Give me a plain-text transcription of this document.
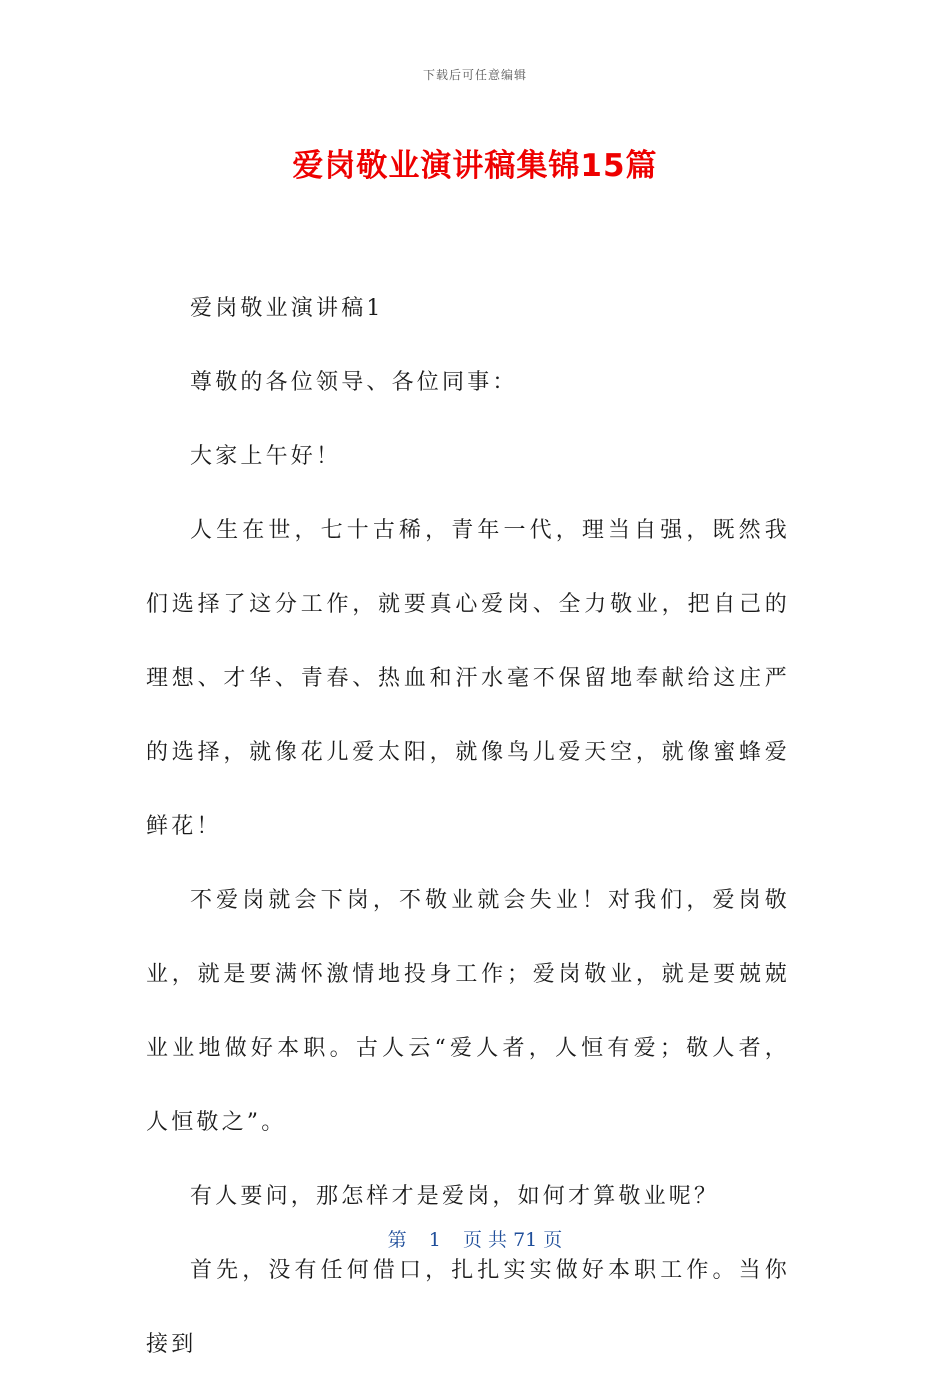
下载后可任意编辑
爱岗敬业演讲稿集锦15篇

爱岗敬业演讲稿1

尊敬的各位领导、各位同事：

大家上午好！

人生在世，七十古稀，青年一代，理当自强，既然我们选择了这分工作，就要真心爱岗、全力敬业，把自己的理想、才华、青春、热血和汗水毫不保留地奉献给这庄严的选择，就像花儿爱太阳，就像鸟儿爱天空，就像蜜蜂爱鲜花！

不爱岗就会下岗，不敬业就会失业！对我们，爱岗敬业，就是要满怀激情地投身工作；爱岗敬业，就是要兢兢业业地做好本职。古人云“爱人者，人恒有爱；敬人者，人恒敬之”。

有人要问，那怎样才是爱岗，如何才算敬业呢？

首先，没有任何借口，扎扎实实做好本职工作。当你接到

第 1 页 共 71 页
